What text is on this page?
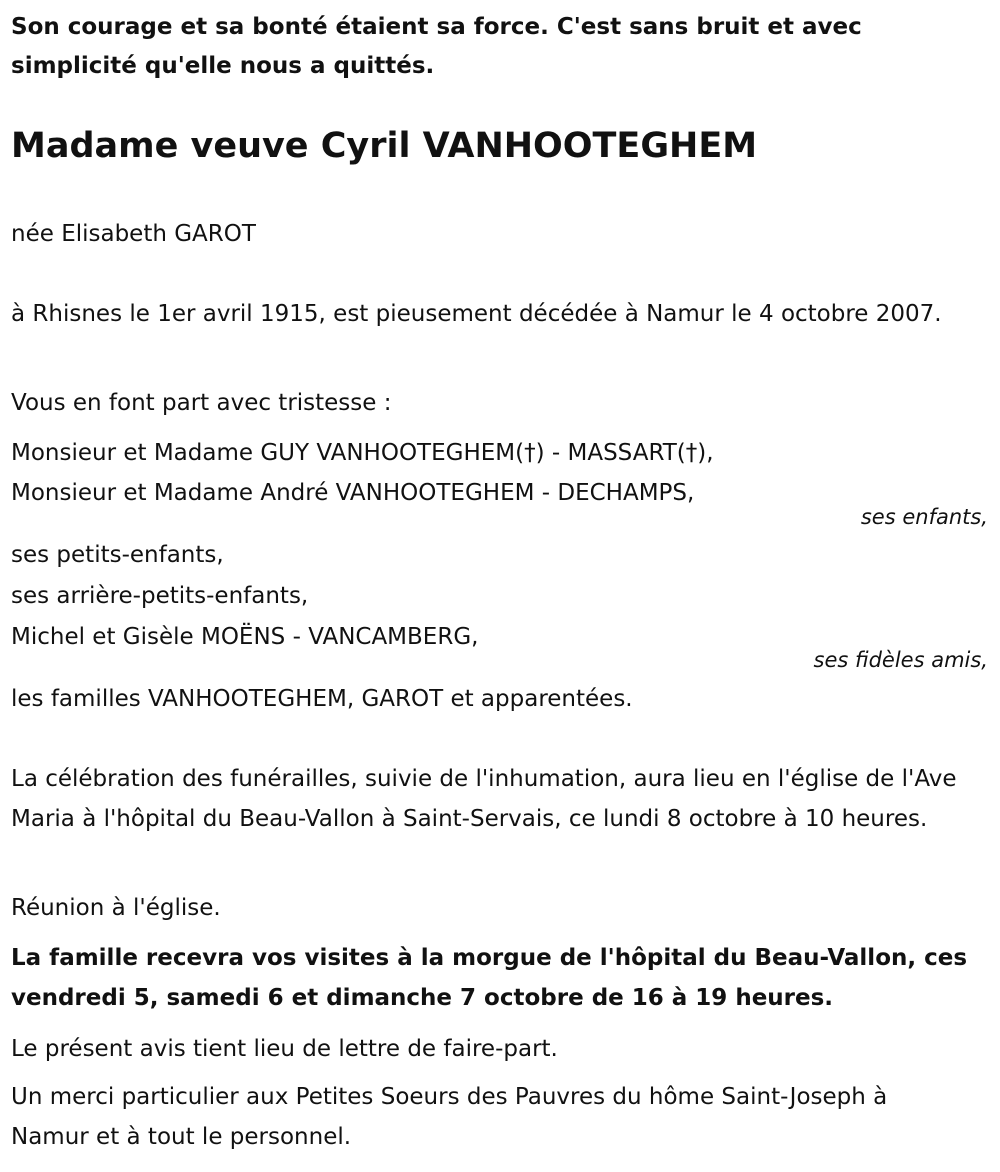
Son courage et sa bonté étaient sa force. C'est sans bruit et avec simplicité qu'elle nous a quittés.

Madame veuve Cyril VANHOOTEGHEM

née Elisabeth GAROT

à Rhisnes le 1er avril 1915, est pieusement décédée à Namur le 4 octobre 2007.

Vous en font part avec tristesse :

Monsieur et Madame GUY VANHOOTEGHEM(†) - MASSART(†),

Monsieur et Madame André VANHOOTEGHEM - DECHAMPS,

ses enfants,

ses petits-enfants,

ses arrière-petits-enfants,

Michel et Gisèle MOËNS - VANCAMBERG,

ses fidèles amis,

les familles VANHOOTEGHEM, GAROT et apparentées.

La célébration des funérailles, suivie de l'inhumation, aura lieu en l'église de l'Ave Maria à l'hôpital du Beau-Vallon à Saint-Servais, ce lundi 8 octobre à 10 heures.

Réunion à l'église.

La famille recevra vos visites à la morgue de l'hôpital du Beau-Vallon, ces vendredi 5, samedi 6 et dimanche 7 octobre de 16 à 19 heures.

Le présent avis tient lieu de lettre de faire-part.

Un merci particulier aux Petites Soeurs des Pauvres du hôme Saint-Joseph à Namur et à tout le personnel.
